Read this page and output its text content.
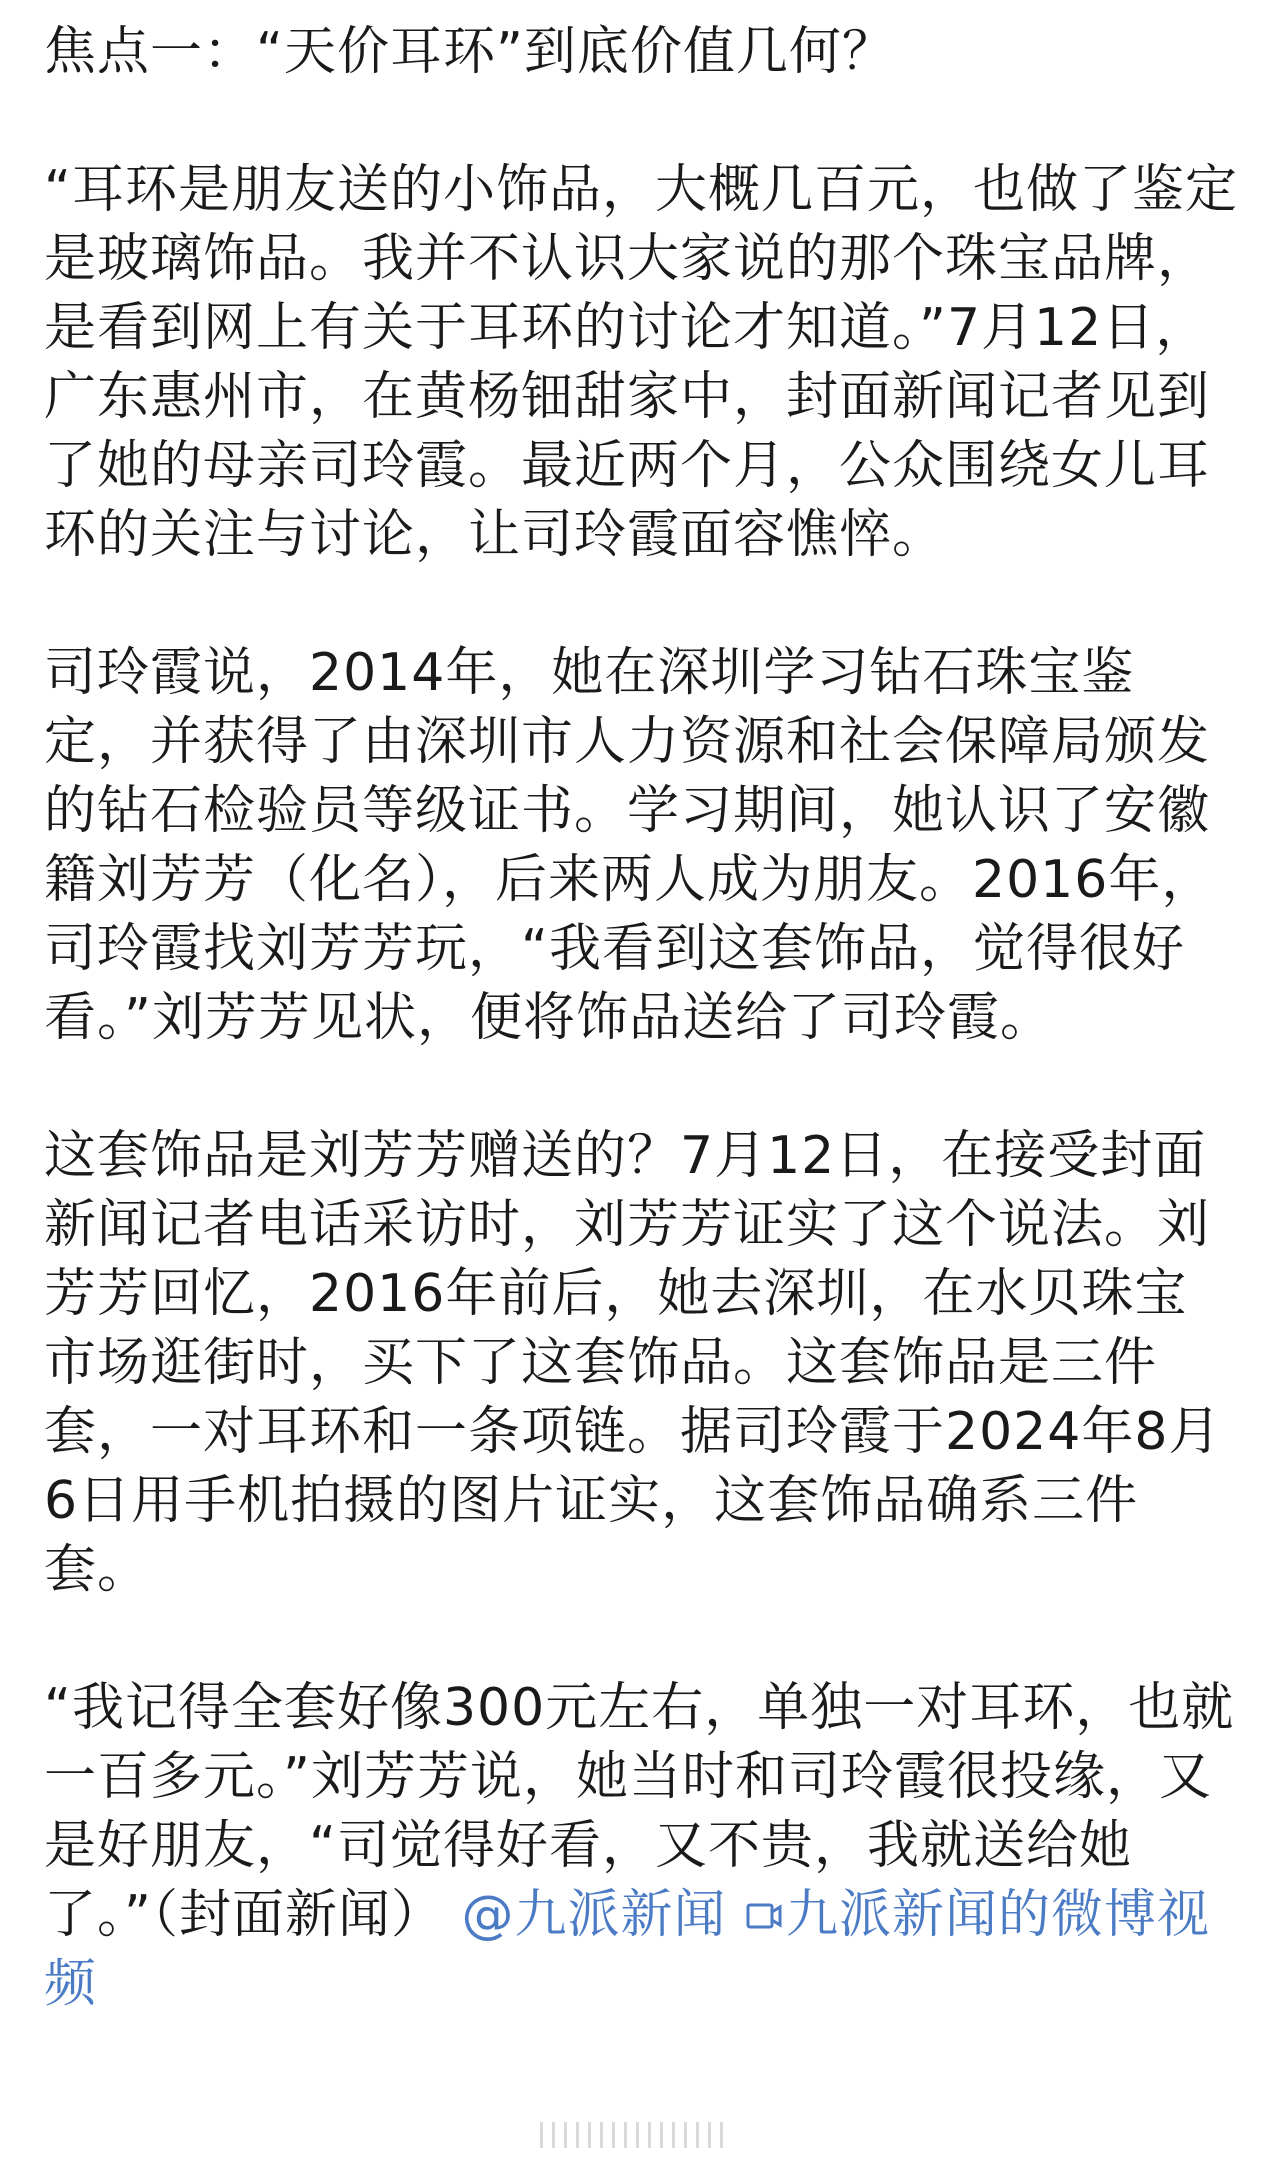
焦点一：“天价耳环”到底价值几何？

“耳环是朋友送的小饰品，大概几百元，也做了鉴定是玻璃饰品。我并不认识大家说的那个珠宝品牌，是看到网上有关于耳环的讨论才知道。”7月12日，广东惠州市，在黄杨钿甜家中，封面新闻记者见到了她的母亲司玲霞。最近两个月，公众围绕女儿耳环的关注与讨论，让司玲霞面容憔悴。

司玲霞说，2014年，她在深圳学习钻石珠宝鉴定，并获得了由深圳市人力资源和社会保障局颁发的钻石检验员等级证书。学习期间，她认识了安徽籍刘芳芳（化名），后来两人成为朋友。2016年，司玲霞找刘芳芳玩，“我看到这套饰品，觉得很好看。”刘芳芳见状，便将饰品送给了司玲霞。

这套饰品是刘芳芳赠送的？7月12日，在接受封面新闻记者电话采访时，刘芳芳证实了这个说法。刘芳芳回忆，2016年前后，她去深圳，在水贝珠宝市场逛街时，买下了这套饰品。这套饰品是三件套，一对耳环和一条项链。据司玲霞于2024年8月6日用手机拍摄的图片证实，这套饰品确系三件套。

“我记得全套好像300元左右，单独一对耳环，也就一百多元。”刘芳芳说，她当时和司玲霞很投缘，又是好朋友，“司觉得好看，又不贵，我就送给她了。”（封面新闻） @九派新闻 九派新闻的微博视频
